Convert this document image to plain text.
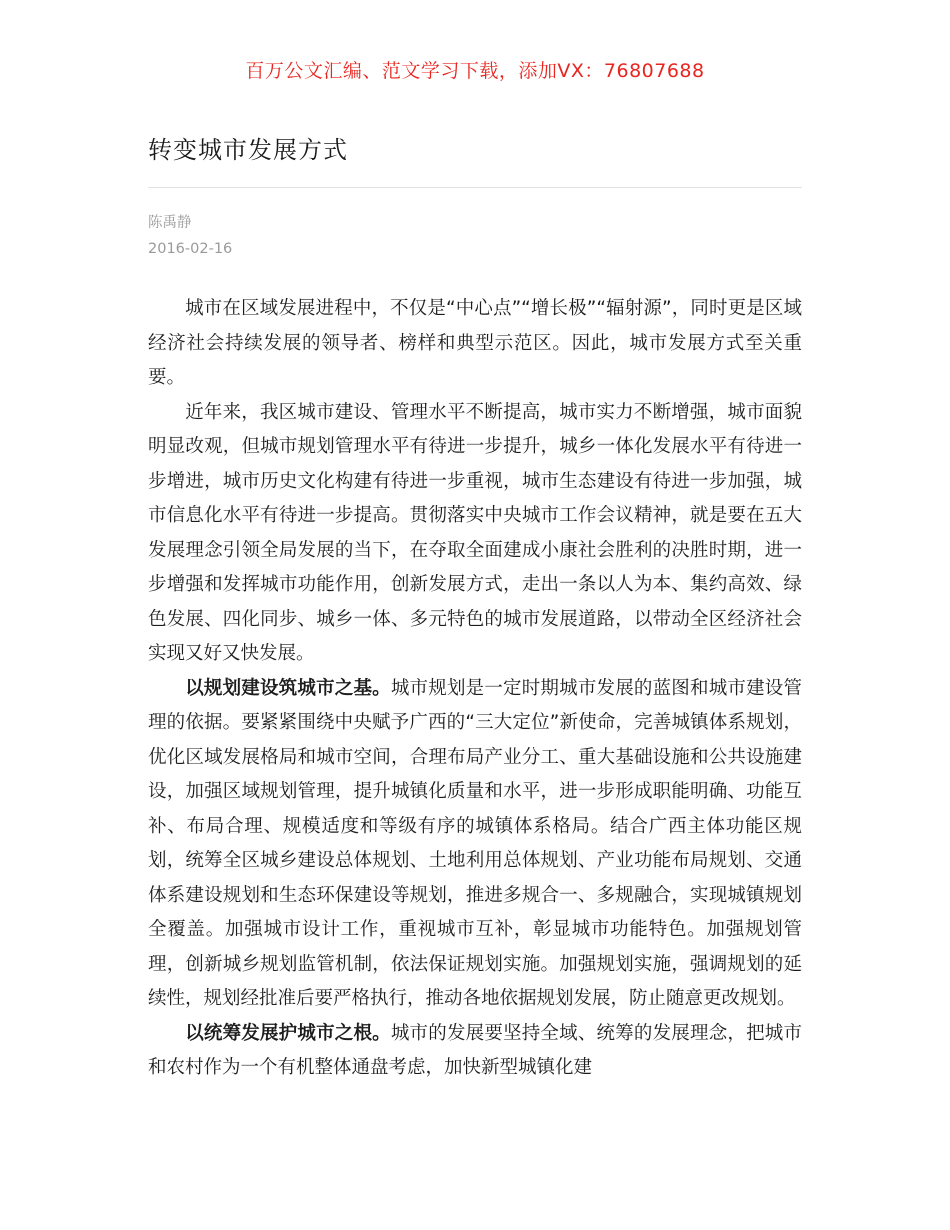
百万公文汇编、范文学习下载，添加VX：76807688
转变城市发展方式
陈禹静
2016-02-16

城市在区域发展进程中，不仅是“中心点”“增长极”“辐射源”，同时更是区域经济社会持续发展的领导者、榜样和典型示范区。因此，城市发展方式至关重要。

近年来，我区城市建设、管理水平不断提高，城市实力不断增强，城市面貌明显改观，但城市规划管理水平有待进一步提升，城乡一体化发展水平有待进一步增进，城市历史文化构建有待进一步重视，城市生态建设有待进一步加强，城市信息化水平有待进一步提高。贯彻落实中央城市工作会议精神，就是要在五大发展理念引领全局发展的当下，在夺取全面建成小康社会胜利的决胜时期，进一步增强和发挥城市功能作用，创新发展方式，走出一条以人为本、集约高效、绿色发展、四化同步、城乡一体、多元特色的城市发展道路，以带动全区经济社会实现又好又快发展。

以规划建设筑城市之基。城市规划是一定时期城市发展的蓝图和城市建设管理的依据。要紧紧围绕中央赋予广西的“三大定位”新使命，完善城镇体系规划，优化区域发展格局和城市空间，合理布局产业分工、重大基础设施和公共设施建设，加强区域规划管理，提升城镇化质量和水平，进一步形成职能明确、功能互补、布局合理、规模适度和等级有序的城镇体系格局。结合广西主体功能区规划，统筹全区城乡建设总体规划、土地利用总体规划、产业功能布局规划、交通体系建设规划和生态环保建设等规划，推进多规合一、多规融合，实现城镇规划全覆盖。加强城市设计工作，重视城市互补，彰显城市功能特色。加强规划管理，创新城乡规划监管机制，依法保证规划实施。加强规划实施，强调规划的延续性，规划经批准后要严格执行，推动各地依据规划发展，防止随意更改规划。

以统筹发展护城市之根。城市的发展要坚持全域、统筹的发展理念，把城市和农村作为一个有机整体通盘考虑，加快新型城镇化建
